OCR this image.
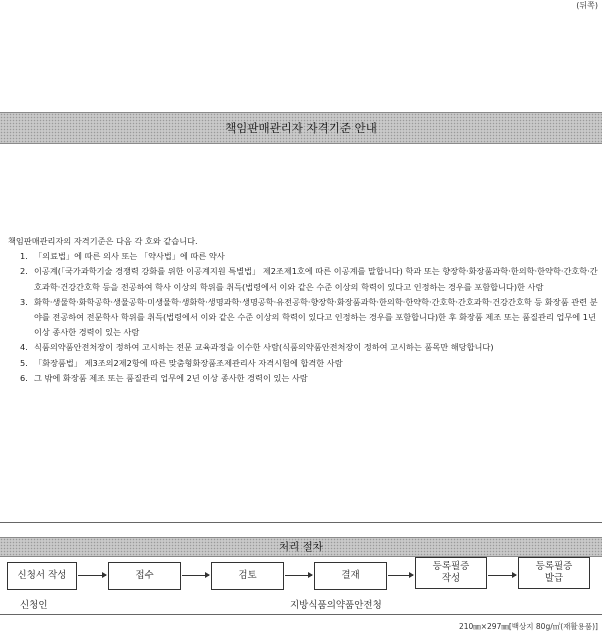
(뒤쪽)
책임판매관리자 자격기준 안내
책임판매관리자의 자격기준은 다음 각 호와 같습니다.
1. 「의료법」에 따른 의사 또는 「약사법」에 따른 약사
2. 이공계(「국가과학기술 경쟁력 강화를 위한 이공계지원 특별법」 제2조제1호에 따른 이공계를 말합니다) 학과 또는 향장학·화장품과학·한의학·한약학·간호학·간호과학·건강간호학 등을 전공하여 학사 이상의 학위를 취득(법령에서 이와 같은 수준 이상의 학력이 있다고 인정하는 경우를 포함합니다)한 사람
3. 화학·생물학·화학공학·생물공학·미생물학·생화학·생명과학·생명공학·유전공학·향장학·화장품과학·한의학·한약학·간호학·간호과학·건강간호학 등 화장품 관련 분야를 전공하여 전문학사 학위를 취득(법령에서 이와 같은 수준 이상의 학력이 있다고 인정하는 경우를 포함합니다)한 후 화장품 제조 또는 품질관리 업무에 1년 이상 종사한 경력이 있는 사람
4. 식품의약품안전처장이 정하여 고시하는 전문 교육과정을 이수한 사람(식품의약품안전처장이 정하여 고시하는 품목만 해당합니다)
5. 「화장품법」 제3조의2제2항에 따른 맞춤형화장품조제관리사 자격시험에 합격한 사람
6. 그 밖에 화장품 제조 또는 품질관리 업무에 2년 이상 종사한 경력이 있는 사람
처리 절차
신청서 작성	접수	검토	결재
등록필증
작성
등록필증
발급
신청인	지방식품의약품안전청
210㎜×297㎜[백상지 80g/㎡(재활용품)]
